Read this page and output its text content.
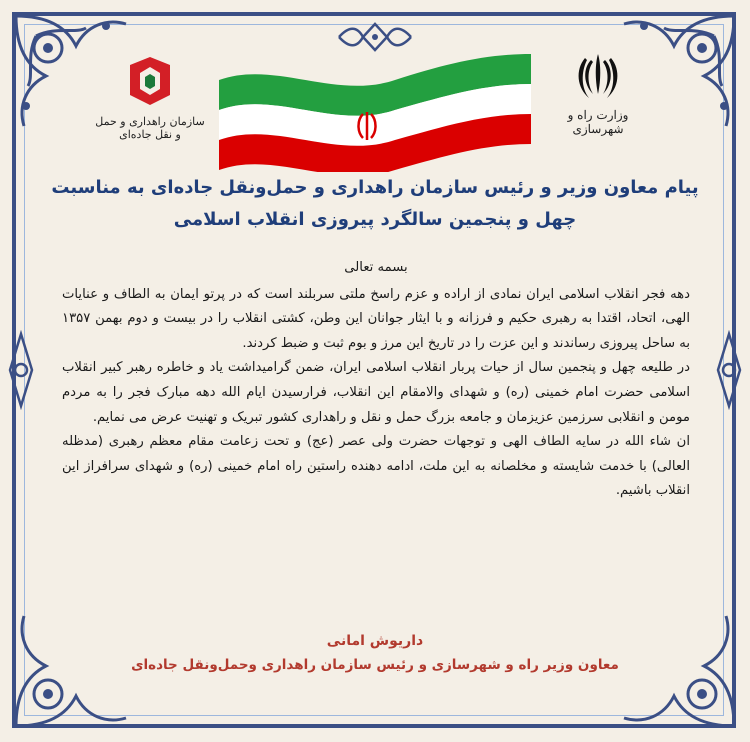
سازمان راهداری و حمل و نقل جاده‌ای
وزارت راه و شهرسازی
پیام معاون وزیر و رئیس سازمان راهداری و حمل‌ونقل جاده‌ای به مناسبت
چهل و پنجمین سالگرد پیروزی انقلاب اسلامی

بسمه تعالی

دهه فجر انقلاب اسلامی ایران نمادی از اراده و عزم راسخ ملتی سربلند است که در پرتو ایمان به الطاف و عنایات الهی، اتحاد، اقتدا به رهبری حکیم و فرزانه و با ایثار جوانان این وطن، کشتی انقلاب را در بیست و دوم بهمن ۱۳۵۷ به ساحل پیروزی رساندند و این عزت را در تاریخ این مرز و بوم ثبت و ضبط کردند.

در طلیعه چهل و پنجمین سال از حیات پربار انقلاب اسلامی ایران، ضمن گرامیداشت یاد و خاطره رهبر کبیر انقلاب اسلامی حضرت امام خمینی (ره) و شهدای والامقام این انقلاب، فرارسیدن ایام الله دهه مبارک فجر را به مردم مومن و انقلابی سرزمین عزیزمان و جامعه بزرگ حمل و نقل و راهداری کشور تبریک و تهنیت عرض می نمایم.

ان شاء الله در سایه الطاف الهی و توجهات حضرت ولی عصر (عج) و تحت زعامت مقام معظم رهبری (مدظله العالی) با خدمت شایسته و مخلصانه به این ملت، ادامه دهنده راستین راه امام خمینی (ره) و شهدای سرافراز این انقلاب باشیم.

داریوش امانی
معاون وزیر راه و شهرسازی و رئیس سازمان راهداری وحمل‌ونقل جاده‌ای
